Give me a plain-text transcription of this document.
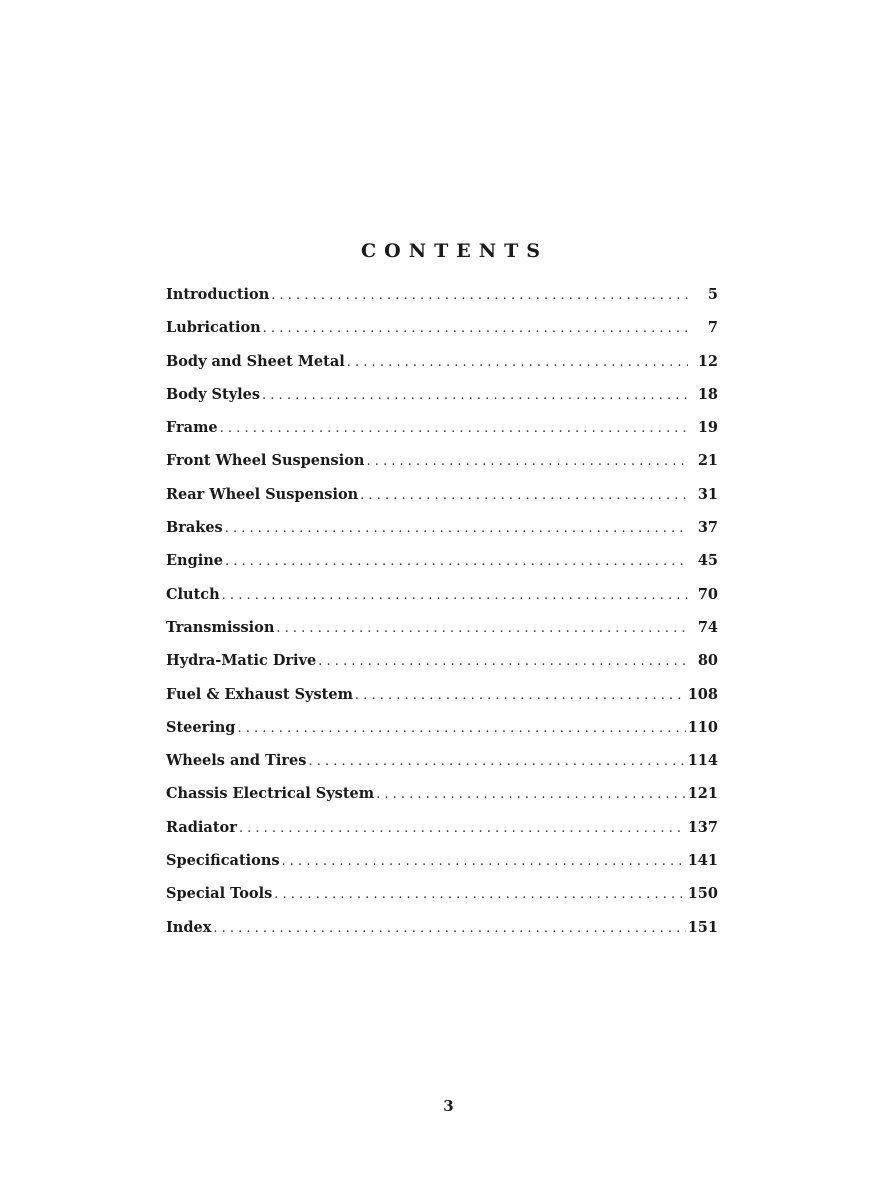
CONTENTS
Introduction . . .	5
Lubrication . . .	7
Body and Sheet Metal . . .	12
Body Styles . . .	18
Frame . . .	19
Front Wheel Suspension . . .	21
Rear Wheel Suspension . . .	31
Brakes . . .	37
Engine . . .	45
Clutch . . .	70
Transmission . . .	74
Hydra-Matic Drive . . .	80
Fuel & Exhaust System . . .	108
Steering . . .	110
Wheels and Tires . . .	114
Chassis Electrical System . . .	121
Radiator . . .	137
Specifications . . .	141
Special Tools . . .	150
Index . . .	151
3
